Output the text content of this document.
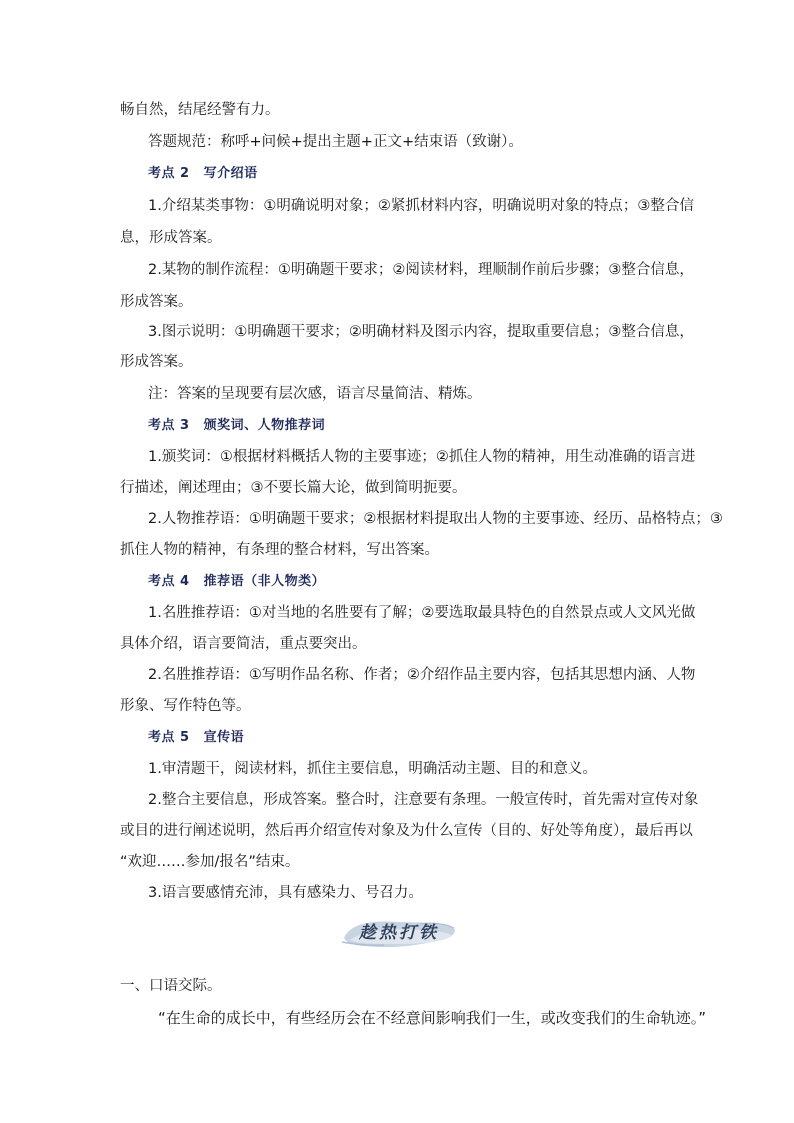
畅自然，结尾经警有力。
答题规范：称呼+问候+提出主题+正文+结束语（致谢）。
考点 2 写介绍语
1.介绍某类事物：①明确说明对象；②紧抓材料内容，明确说明对象的特点；③整合信
息，形成答案。
2.某物的制作流程：①明确题干要求；②阅读材料，理顺制作前后步骤；③整合信息，
形成答案。
3.图示说明：①明确题干要求；②明确材料及图示内容，提取重要信息；③整合信息，
形成答案。
注：答案的呈现要有层次感，语言尽量简洁、精炼。
考点 3 颁奖词、人物推荐词
1.颁奖词：①根据材料概括人物的主要事迹；②抓住人物的精神，用生动准确的语言进
行描述，阐述理由；③不要长篇大论，做到简明扼要。
2.人物推荐语：①明确题干要求；②根据材料提取出人物的主要事迹、经历、品格特点；③
抓住人物的精神，有条理的整合材料，写出答案。
考点 4 推荐语（非人物类）
1.名胜推荐语：①对当地的名胜要有了解；②要选取最具特色的自然景点或人文风光做
具体介绍，语言要简洁，重点要突出。
2.名胜推荐语：①写明作品名称、作者；②介绍作品主要内容，包括其思想内涵、人物
形象、写作特色等。
考点 5 宣传语
1.审清题干，阅读材料，抓住主要信息，明确活动主题、目的和意义。
2.整合主要信息，形成答案。整合时，注意要有条理。一般宣传时，首先需对宣传对象
或目的进行阐述说明，然后再介绍宣传对象及为什么宣传（目的、好处等角度），最后再以
“欢迎……参加/报名”结束。
3.语言要感情充沛，具有感染力、号召力。
趁热打铁
一、口语交际。
“在生命的成长中，有些经历会在不经意间影响我们一生，或改变我们的生命轨迹。”
